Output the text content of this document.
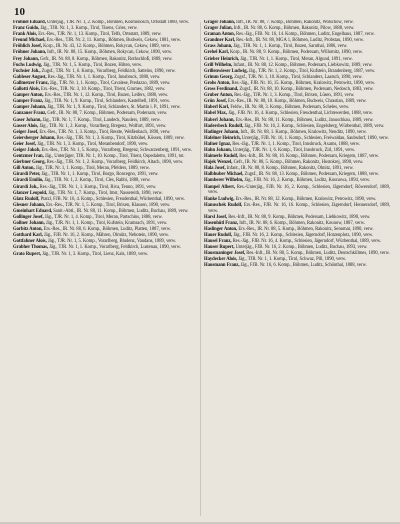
10

Fröhnel Eduard, Unterjäg., TJR. Nr. 1, 2. Komp., Böhmen, Kosmonosch, Ortsstatt 1880, verw.

Franz Guido, Jäg., TJR. Nr. 1, 3. Komp., Tirol, Tisens, Gries, verw.

Frank Alois, Ers.-Res., TJR. Nr. 1, 13. Komp., Tirol, Telfs, Ortsstatt, 1889, verw.

Freund Michael, Ers.-Res., TJR. Nr. 2, 11. Komp., Böhmen, Budweis, Cekow, 1881, verw.

Fröhlich Josef, Korp., IR. Nr. 43, 12. Komp., Böhmen, Rokycan, Cekow, 1889, verw.

Fröhner Johann, Inft., IR. Nr. 88, 15. Komp., Böhmen, Rokycan, Cekow, 1890, verw.

Frey Johann, Gefr., IR. Nr. 88, 8. Komp., Böhmen, Rakonitz, Rothschloß, 1889, verw.

Fuchs Ludwig, Jäg., TJR. Nr. 1, 5. Komp., Tirol, Bozen, Hilten, verw.

Fuchsier Joh., Zugsf., TJR. Nr. 1, 6. Komp., Vorarlberg, Feldkirch, Satteins, 1890, verw.

Gableser August, Res.-Jäg., TJR. Nr. 1, 1. Komp., Tirol, Innsbruck, 1880, verw.

Gallmetzer Franz, Jäg., TJR. Nr. 1, 1. Komp., Tirol, Cavalese, Predazzo, 1889, verw.

Gallotti Alois, Ers.-Res., TJR. Nr. 3, 10. Komp., Tirol, Trient, Grumes, 1882, verw.

Gamper Anton, Ers.-Res., TJR. Nr. 1, 12. Komp., Tirol, Bozen, Leifers, 1888, verw.

Gamper Franz, Jäg., TJR. Nr. 1, 9. Komp., Tirol, Schlanders, Kastelbell, 1891, verw.

Gamper Johann, Jäg., TJR. Nr. 1, 9. Komp., Tirol, Schlanders, St. Martin i. P., 1891, verw.

Ganzauer Franz, Gefr., IR. Nr. 88, 7. Komp., Böhmen, Podersam, Podersam, verw.

Gaser Johann, Jäg., TJR. Nr. 1, 7. Komp., Tirol, Landeck, Nauders, 1889, verw.

Gasser Alois, Jäg., TJR. Nr. 1, 2. Komp., Vorarlberg, Bregenz, Wolfurt, 1891, verw.

Geiger Josef, Ers.-Res., TJR. Nr. 1, 3. Komp., Tirol, Reutte, Weißenbach, 1890, verw.

Geiersberger Johann, Res.-Jäg., TJR. Nr. 1, 3. Komp., Tirol, Kitzbühel, Kössen, 1889, verw.

Geier Josef, Jäg., TJR. Nr. 1, 3. Komp., Tirol, Meranbendorf, 1890, verw.

Geiger Jakob, Ers.-Res., TJR. Nr. 1, 5. Komp., Vorarlberg, Bregenz, Schwarzenberg, 1891, verw.

Gentzmer Ivan, Jäg., Unterjäger, TJR. Nr. 1, 10. Komp., Tirol, Trient, Ospedaletto, 1891, tot.

Gierbner Georg, Res.-Jäg., TJR. Nr. 1, 2. Komp., Vorarlberg, Feldkirch, Altach, 1890, verw.

Gill Anton, Jäg., TJR. Nr. 1, 1. Komp., Tirol, Meran, Pfelders, 1889, verw.

Girardi Peter, Jäg., TJR. Nr. 1, 1. Komp., Tirol, Borgo, Roncegno, 1891, verw.

Girardi Emilio, Jäg., TJR. Nr. 1, 2. Komp., Tirol, Cles, Rabbi, 1888, verw.

Girardi Joh., Res.-Jäg., TJR. Nr. 1, 1. Komp., Tirol, Riva, Tenno, 1891, verw.

Glanzer Leopold, Jäg., TJR. Nr. 1, 7. Komp., Tirol, Imst, Nassereith, 1890, verw.

Glatz Rudolf, Ptatzl, FJB. Nr. 16, 4. Komp., Schlesien, Freudenthal, Würbenthal, 1890, verw.

Glesner Johann, Ers.-Res., TJR. Nr. 1, 5. Komp., Tirol, Brixen, Klausen, 1890, verw.

Gmeinhart Eduard, Sanit.-Abtl., IR. Nr. 88, 11. Komp., Böhmen, Luditz, Buchau, 1889, verw.

Gollinger Josef, Jäg., TJR. Nr. 1, 4. Komp., Tirol, Meran, Partschins, 1888, verw.

Gollner Johann, Jäg., TJR. Nr. 1, 1. Komp., Tirol, Kufstein, Kramsach, 1891, verw.

Gorbitz Anton, Ers.-Res., IR. Nr. 88, 6. Komp., Böhmen, Luditz, Platten, 1887, verw.

Gotthard Karl, Jäg., FJB. Nr. 16, 2. Komp., Mähren, Olmütz, Nebotein, 1890, verw.

Gottfahner Alois, Jäg., TJR. Nr. 1, 5. Komp., Vorarlberg, Bludenz, Vandans, 1889, verw.

Grabher Thomas, Jäg., TJR. Nr. 1, 1. Komp., Vorarlberg, Feldkirch, Lustenau, 1890, verw.

Grato Rupert, Jäg., TJR. Nr. 1, 3. Komp., Tirol, Lienz, Kals, 1889, verw.

Grager Johann, Inft., IR. Nr. 88, 7. Komp., Böhmen, Rakonitz, Wolschow, verw.

Grager Julian, Inft., IR. Nr. 88, 6. Komp., Böhmen, Rakonitz, Pilow, 1888, verw.

Graman Anton, Res.-Jäg., FJB. Nr. 16, 14. Komp., Böhmen, Luditz, Engelhaus, 1887, verw.

Grandner Karl, Res.-Inft., IR. Nr. 88, MGA 1, Böhmen, Luditz, Probstau, 1890, verw.

Grass Johann, Jäg., TJR. Nr. 1, 1. Komp., Tirol, Bozen, Sarnthal, 1886, verw.

Grebel Karl, Korp., IR. Nr. 88, 9. Komp., Böhmen, Podersam, Willomitz, 1890, verw.

Grieber Heinrich, Jäg., TJR. Nr. 1, 1. Komp., Tirol, Meran, Algund, 1891, verw.

Grill Wilhelm, Infant., IR. Nr. 88, 12. Komp., Böhmen, Podersam, Liebkowitz, 1889, verw.

Grillenwieser Ludwig, Jäg., TJR. Nr. 1, 2. Komp., Tirol, Kufstein, Brandenberg, 1887, verw.

Grimm Georg, Zugsf., TJR. Nr. 1, 10. Komp., Tirol, Schlanders, Laatsch, 1890, verw.

Grohs Anton, Res.-Jäg., FJB. Nr. 16, 15. Komp., Böhmen, Kralowitz, Petrowitz, 1890, verw.

Gross Ferdinand, Zugsf., IR. Nr. 88, 10. Komp., Böhmen, Podersam, Nedosch, 1883, verw.

Gruber Anton, Res.-Jäg., TJR. Nr. 1, 3. Komp., Tirol, Brixen, Lüsen, 1891, verw.

Grün Josef, Ers.-Res., IR. Nr. 88, 10. Komp., Böhmen, Budweis, Chrastian, 1889, verw.

Haberl Karl, Feldw., IR. Nr. 88, 3. Komp., Böhmen, Podersam, Scheles, verw.

Habel Max, Jäg., FJB. Nr. 16, 4. Komp., Schlesien, Freudenthal, Lichtewerden, 1888, verw.

Haberl Johann, Ers.-Res., IR. Nr. 88, 11. Komp., Böhmen, Luditz, Januschkau, 1889, verw.

Hadersbeck Rudolf, Jäg., FJB. Nr. 16, 2. Komp., Schlesien, Engelsberg, Würbenthal, 1889, verw.

Hadinger Johann, Inft., IR. Nr. 88, 1. Komp., Böhmen, Kralowitz, Nenditz, 1890, verw.

Hafelner Heinrich, Unterjäg., FJB. Nr. 16, 1. Komp., Schlesien, Freiwaldau, Saubsdorf, 1890, verw.

Hafner Ignaz, Res.-Jäg., TJR. Nr. 1, 1. Komp., Tirol, Innsbruck, Axams, 1888, verw.

Hahn Johann, Unterjäg., TJR. Nr. 1, 6. Komp., Tirol, Innsbruck, Zirl, 1891, verw.

Haimerle Rudolf, Res.-Inft., IR. Nr. 88, 16. Komp., Böhmen, Podersam, Kriegern, 1887, verw.

Hajek Wenzel, Gefr., IR. Nr. 88, 5. Komp., Böhmen, Rakonitz, Hostokrej, 1890, verw.

Hala Josef, Infant., IR. Nr. 88, 8. Komp., Böhmen, Rakonitz, Ohnitz, 1891, verw.

Halbhuber Michael, Zugsf., IR. Nr. 88, 13. Komp., Böhmen, Podersam, Kriegern, 1888, verw.

Hamberer Wilhelm, Jäg., FJB. Nr. 16, 2. Komp., Böhmen, Luditz, Kounowa, 1894, verw.

Hampel Albert, Res.-Unterjäg., FJB. Nr. 16, 2. Komp., Schlesien, Jägerndorf, Röwersdorf, 1889, verw.

Hanke Ludwig, Ers.-Res., IR. Nr. 88, 12. Komp., Böhmen, Kralowitz, Petrowitz, 1890, verw.

Hanuschek Rudolf, Ers.-Res., FJB. Nr. 16, 16. Komp., Schlesien, Jägerndorf, Hennersdorf, 1889, verw.

Harsl Josef, Res.-Inft., IR. Nr. 88, 9. Komp., Böhmen, Podersam, Liebkowitz, 1890, verw.

Hasenhütl Franz, Inft., IR. Nr. 88, 6. Komp., Böhmen, Rakonitz, Kounow, 1887, verw.

Haslinger Anton, Ers.-Res., IR. Nr. 88, 5. Komp., Böhmen, Rakonitz, Senomat, 1890, verw.

Hauer Rudolf, Jäg., FJB. Nr. 16, 2. Komp., Schlesien, Jägerndorf, Hotzenplotz, 1890, verw.

Hausel Franz, Res.-Jäg., FJB. Nr. 16, 4. Komp., Schlesien, Jägerndorf, Würbenthal, 1889, verw.

Hauser Rupert, Unterjäg., FJB. Nr. 16, 2. Komp., Böhmen, Luditz, Buchau, 1893, verw.

Hausmaninger Josef, Res.-Inft., IR. Nr. 88, 5. Komp., Böhmen, Luditz, Deutschkillmes, 1890, verw.

Haydecker Alois, Jäg., TJR. Nr. 1, 1. Komp., Tirol, Schwaz, Pill, 1890, verw.

Hausmann Franz, Jäg., FJB. Nr. 16, 6. Komp., Böhmen, Luditz, Schönthal, 1888, verw.
